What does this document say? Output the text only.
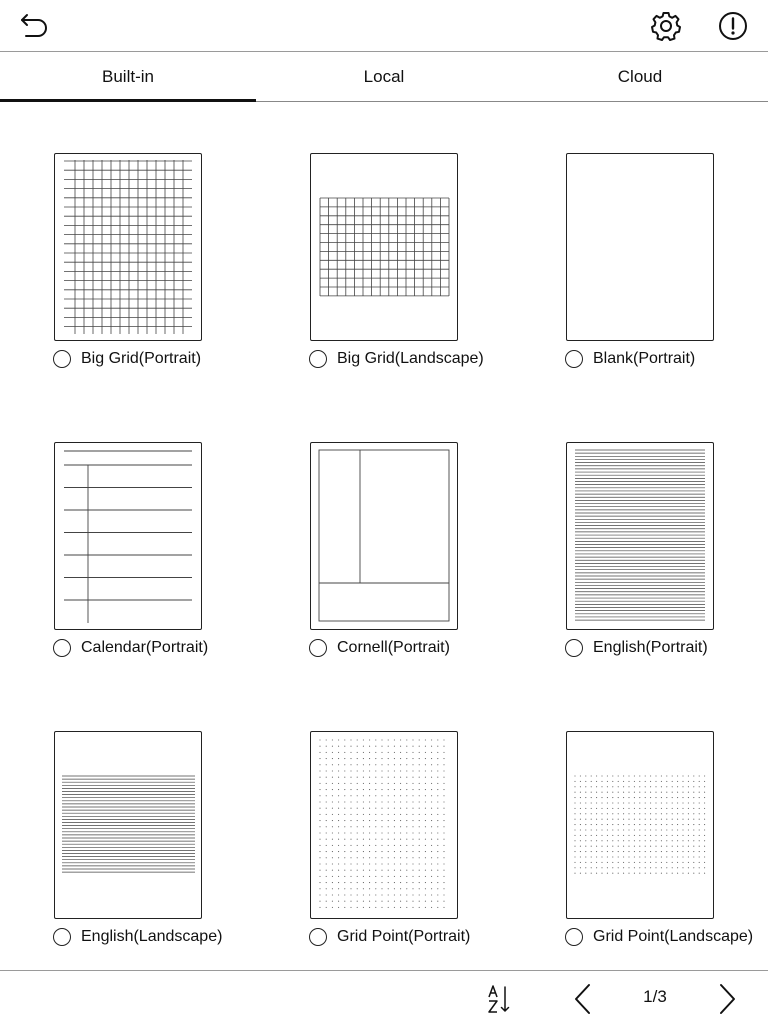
Built-in	Local	Cloud
Big Grid(Portrait)	Big Grid(Landscape)	Blank(Portrait)
Calendar(Portrait)	Cornell(Portrait)	English(Portrait)
English(Landscape)	Grid Point(Portrait)	Grid Point(Landscape)
1/3
